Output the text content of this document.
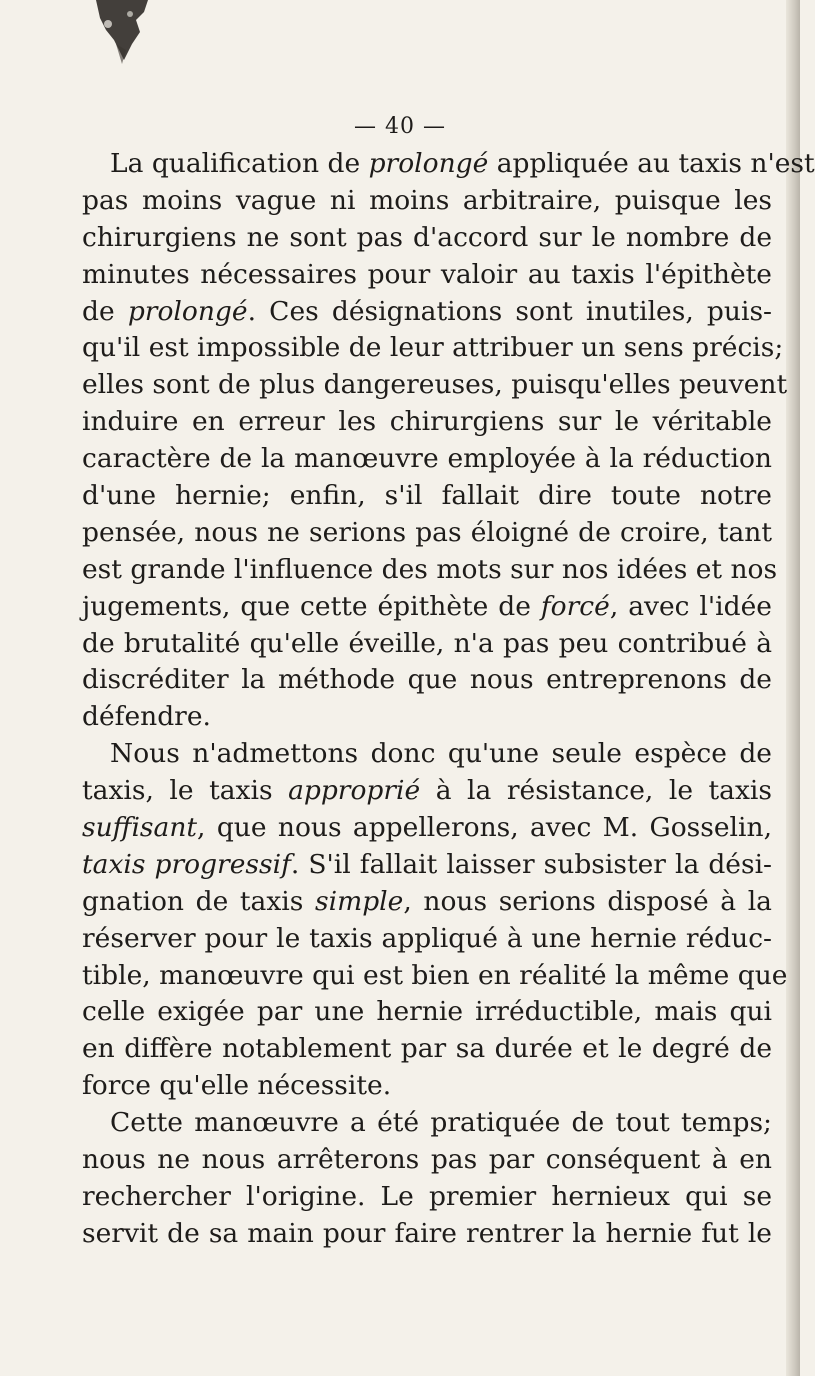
— 40 —
La qualification de prolongé appliquée au taxis n'est
pas moins vague ni moins arbitraire, puisque les
chirurgiens ne sont pas d'accord sur le nombre de
minutes nécessaires pour valoir au taxis l'épithète
de prolongé. Ces désignations sont inutiles, puis-
qu'il est impossible de leur attribuer un sens précis;
elles sont de plus dangereuses, puisqu'elles peuvent
induire en erreur les chirurgiens sur le véritable
caractère de la manœuvre employée à la réduction
d'une hernie; enfin, s'il fallait dire toute notre
pensée, nous ne serions pas éloigné de croire, tant
est grande l'influence des mots sur nos idées et nos
jugements, que cette épithète de forcé, avec l'idée
de brutalité qu'elle éveille, n'a pas peu contribué à
discréditer la méthode que nous entreprenons de
défendre.
Nous n'admettons donc qu'une seule espèce de
taxis, le taxis approprié à la résistance, le taxis
suffisant, que nous appellerons, avec M. Gosselin,
taxis progressif. S'il fallait laisser subsister la dési-
gnation de taxis simple, nous serions disposé à la
réserver pour le taxis appliqué à une hernie réduc-
tible, manœuvre qui est bien en réalité la même que
celle exigée par une hernie irréductible, mais qui
en diffère notablement par sa durée et le degré de
force qu'elle nécessite.
Cette manœuvre a été pratiquée de tout temps;
nous ne nous arrêterons pas par conséquent à en
rechercher l'origine. Le premier hernieux qui se
servit de sa main pour faire rentrer la hernie fut le
